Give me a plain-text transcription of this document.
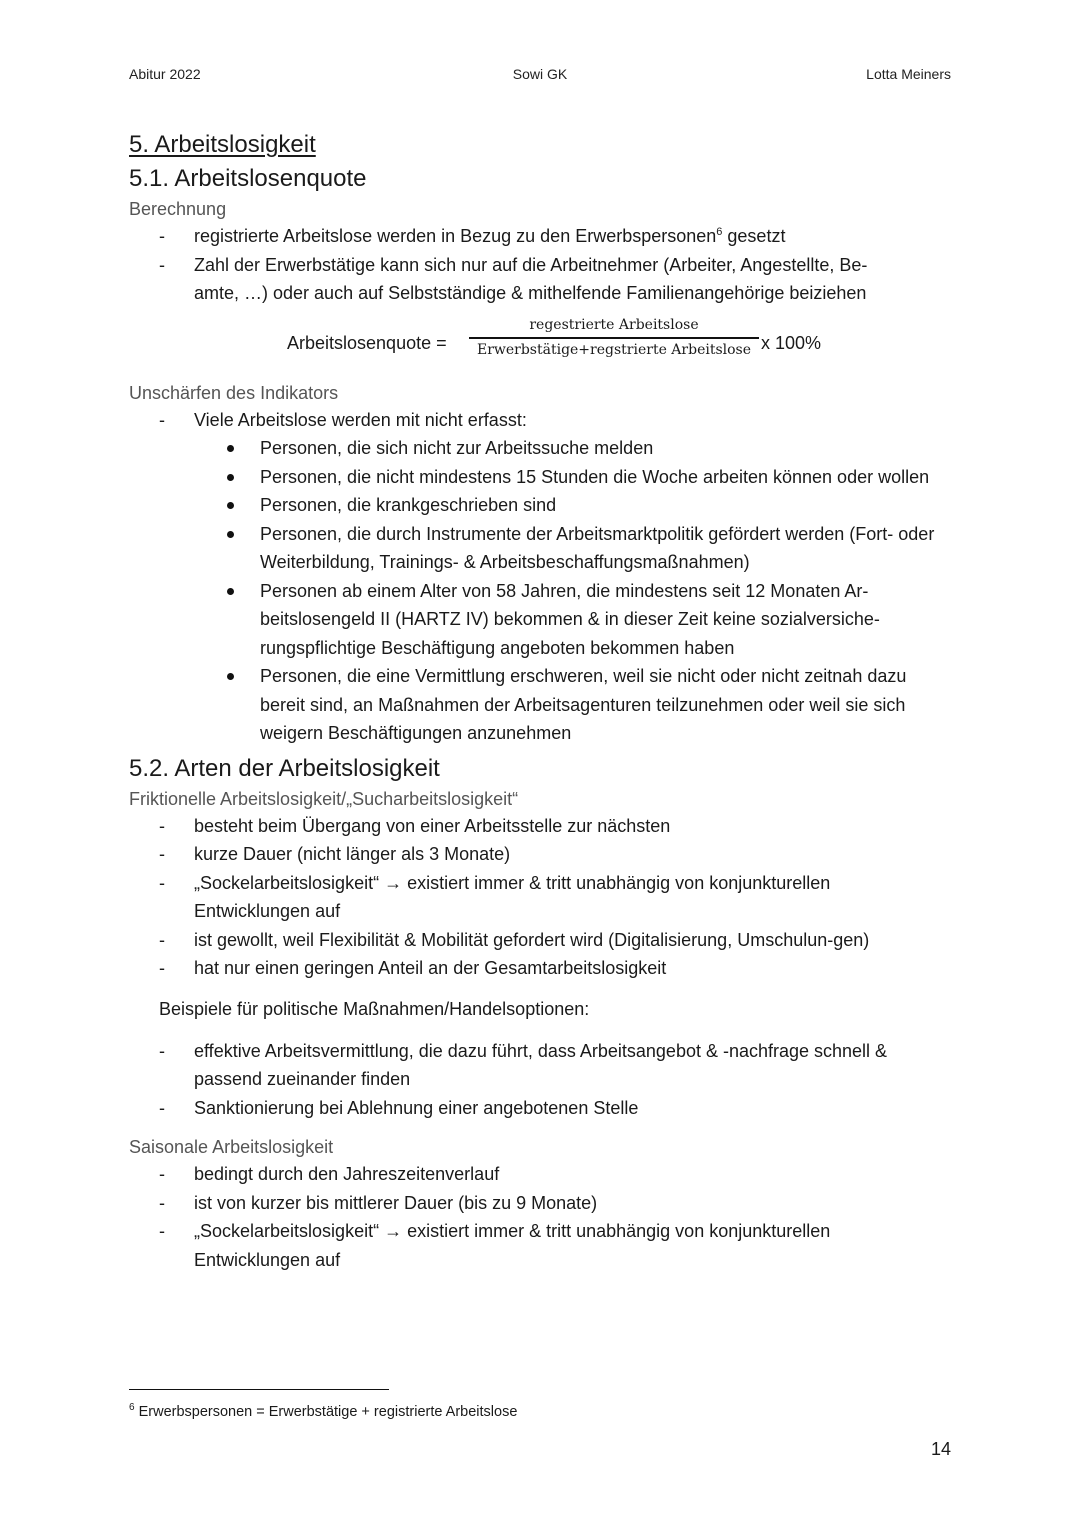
Abitur 2022	Sowi GK	Lotta Meiners
5. Arbeitslosigkeit
5.1. Arbeitslosenquote

Berechnung

- registrierte Arbeitslose werden in Bezug zu den Erwerbspersonen$^6$ gesetzt
- Zahl der Erwerbstätige kann sich nur auf die Arbeitnehmer (Arbeiter, Angestellte, Be-
amte, …) oder auch auf Selbstständige & mithelfende Familienangehörige beiziehen
Arbeitslosenquote =
regestrierte Arbeitslose
Erwerbstätige+regstrierte Arbeitslose x 100%

Unschärfen des Indikators

- Viele Arbeitslose werden mit nicht erfasst:
Personen, die sich nicht zur Arbeitssuche melden
Personen, die nicht mindestens 15 Stunden die Woche arbeiten können oder wollen
Personen, die krankgeschrieben sind
Personen, die durch Instrumente der Arbeitsmarktpolitik gefördert werden (Fort- oder Weiterbildung, Trainings- & Arbeitsbeschaffungsmaßnahmen)
Personen ab einem Alter von 58 Jahren, die mindestens seit 12 Monaten Ar-beitslosengeld II (HARTZ IV) bekommen & in dieser Zeit keine sozialversiche-rungspflichtige Beschäftigung angeboten bekommen haben
Personen, die eine Vermittlung erschweren, weil sie nicht oder nicht zeitnah dazu bereit sind, an Maßnahmen der Arbeitsagenturen teilzunehmen oder weil sie sich weigern Beschäftigungen anzunehmen
5.2. Arten der Arbeitslosigkeit

Friktionelle Arbeitslosigkeit/„Sucharbeitslosigkeit“

- besteht beim Übergang von einer Arbeitsstelle zur nächsten
- kurze Dauer (nicht länger als 3 Monate)
- „Sockelarbeitslosigkeit“ → existiert immer & tritt unabhängig von konjunkturellen Entwicklungen auf
- ist gewollt, weil Flexibilität & Mobilität gefordert wird (Digitalisierung, Umschulun-gen)
- hat nur einen geringen Anteil an der Gesamtarbeitslosigkeit

Beispiele für politische Maßnahmen/Handelsoptionen:

- effektive Arbeitsvermittlung, die dazu führt, dass Arbeitsangebot & -nachfrage schnell & passend zueinander finden
- Sanktionierung bei Ablehnung einer angebotenen Stelle

Saisonale Arbeitslosigkeit

- bedingt durch den Jahreszeitenverlauf
- ist von kurzer bis mittlerer Dauer (bis zu 9 Monate)
- „Sockelarbeitslosigkeit“ → existiert immer & tritt unabhängig von konjunkturellen Entwicklungen auf
$^6$ Erwerbspersonen = Erwerbstätige + registrierte Arbeitslose
14
